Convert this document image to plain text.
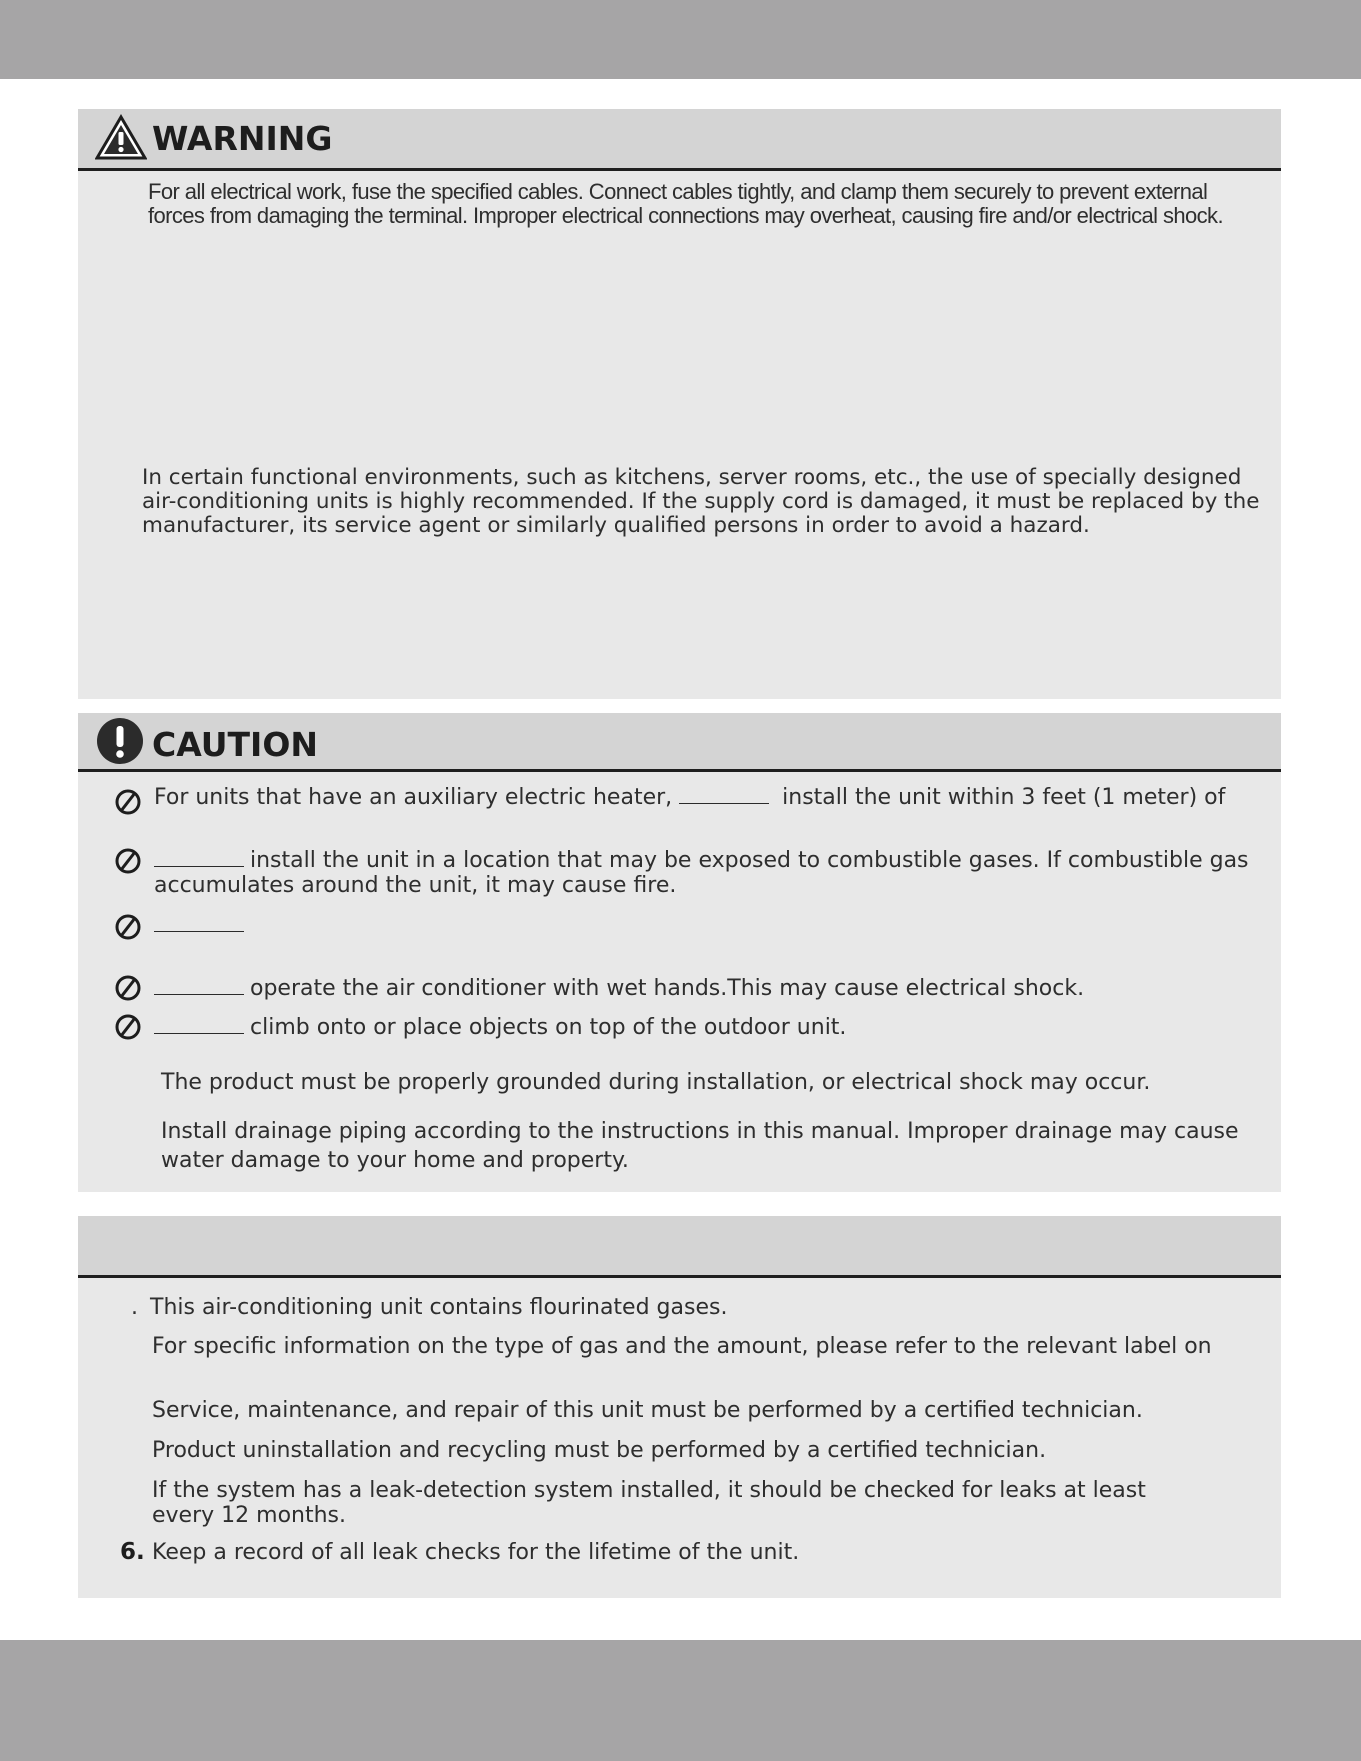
WARNING
For all electrical work, fuse the specified cables. Connect cables tightly, and clamp them securely to prevent external forces from damaging the terminal. Improper electrical connections may overheat, causing fire and/or electrical shock.
In certain functional environments, such as kitchens, server rooms, etc., the use of specially designed air-conditioning units is highly recommended. If the supply cord is damaged, it must be replaced by the manufacturer, its service agent or similarly qualified persons in order to avoid a hazard.
CAUTION
For units that have an auxiliary electric heater,	install the unit within 3 feet (1 meter) of
install the unit in a location that may be exposed to combustible gases. If combustible gas
accumulates around the unit, it may cause fire.
operate the air conditioner with wet hands.This may cause electrical shock.
climb onto or place objects on top of the outdoor unit.
The product must be properly grounded during installation, or electrical shock may occur.
Install drainage piping according to the instructions in this manual. Improper drainage may cause water damage to your home and property.
. This air-conditioning unit contains flourinated gases.
For specific information on the type of gas and the amount, please refer to the relevant label on
Service, maintenance, and repair of this unit must be performed by a certified technician.
Product uninstallation and recycling must be performed by a certified technician.
If the system has a leak-detection system installed, it should be checked for leaks at least every 12 months.
6. Keep a record of all leak checks for the lifetime of the unit.
